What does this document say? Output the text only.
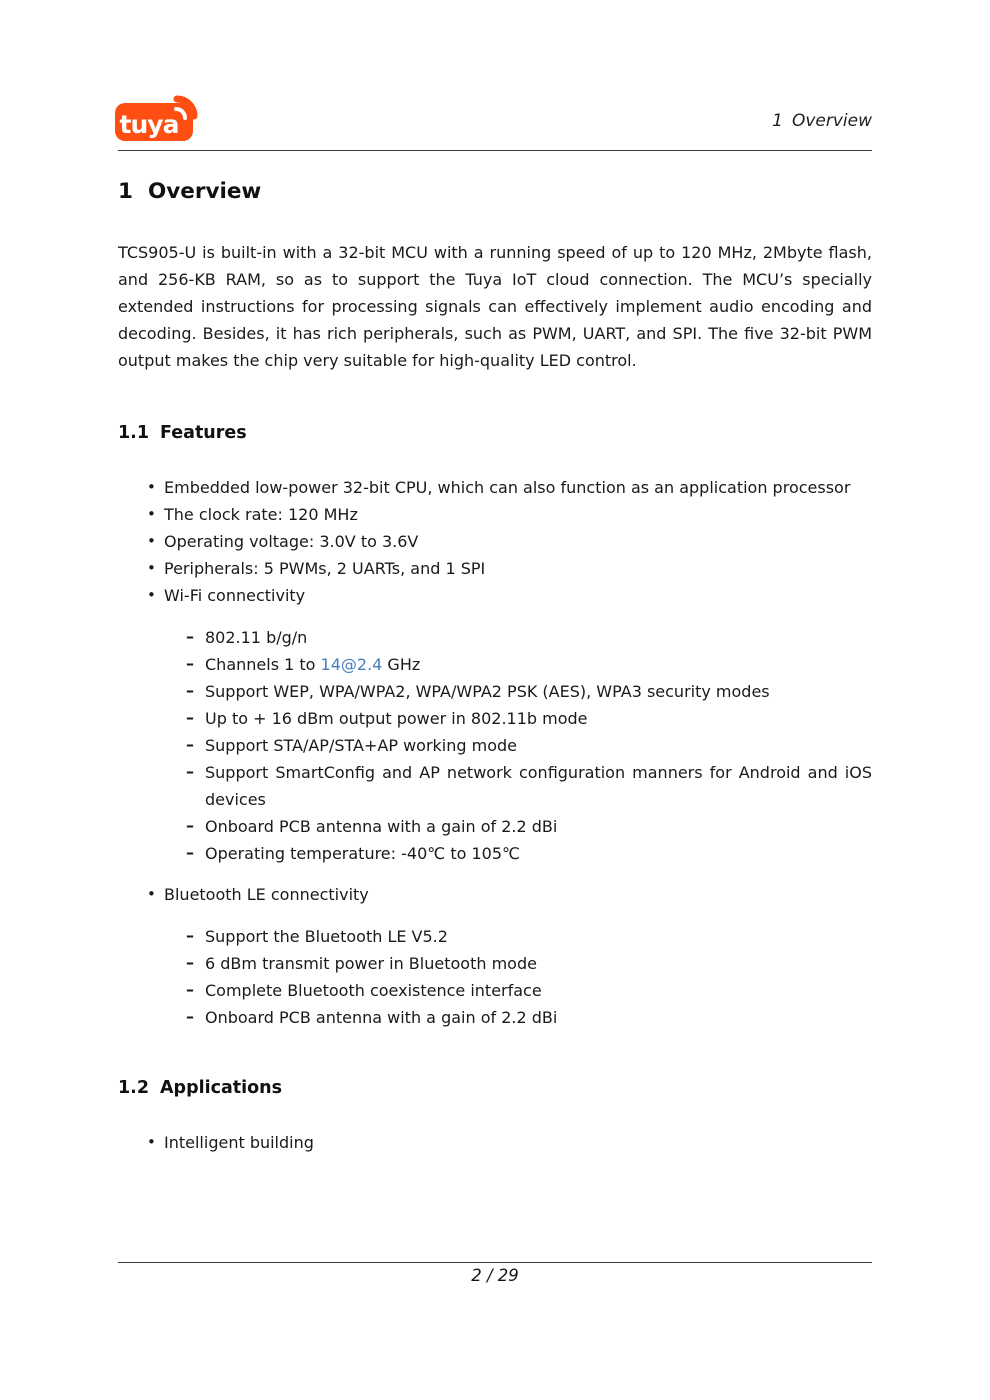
tuya	1 Overview
1 Overview

TCS905-U is built-in with a 32-bit MCU with a running speed of up to 120 MHz, 2Mbyte flash, and 256-KB RAM, so as to support the Tuya IoT cloud connection. The MCU’s specially extended instructions for processing signals can effectively implement audio encoding and decoding. Besides, it has rich peripherals, such as PWM, UART, and SPI. The five 32-bit PWM output makes the chip very suitable for high-quality LED control.

1.1 Features
• Embedded low-power 32-bit CPU, which can also function as an application processor
• The clock rate: 120 MHz
• Operating voltage: 3.0V to 3.6V
• Peripherals: 5 PWMs, 2 UARTs, and 1 SPI
• Wi-Fi connectivity
– 802.11 b/g/n
– Channels 1 to 14@2.4 GHz
– Support WEP, WPA/WPA2, WPA/WPA2 PSK (AES), WPA3 security modes
– Up to + 16 dBm output power in 802.11b mode
– Support STA/AP/STA+AP working mode
– Support SmartConfig and AP network configuration manners for Android and iOS devices
– Onboard PCB antenna with a gain of 2.2 dBi
– Operating temperature: -40℃ to 105℃
• Bluetooth LE connectivity
– Support the Bluetooth LE V5.2
– 6 dBm transmit power in Bluetooth mode
– Complete Bluetooth coexistence interface
– Onboard PCB antenna with a gain of 2.2 dBi
1.2 Applications
• Intelligent building
2 / 29
